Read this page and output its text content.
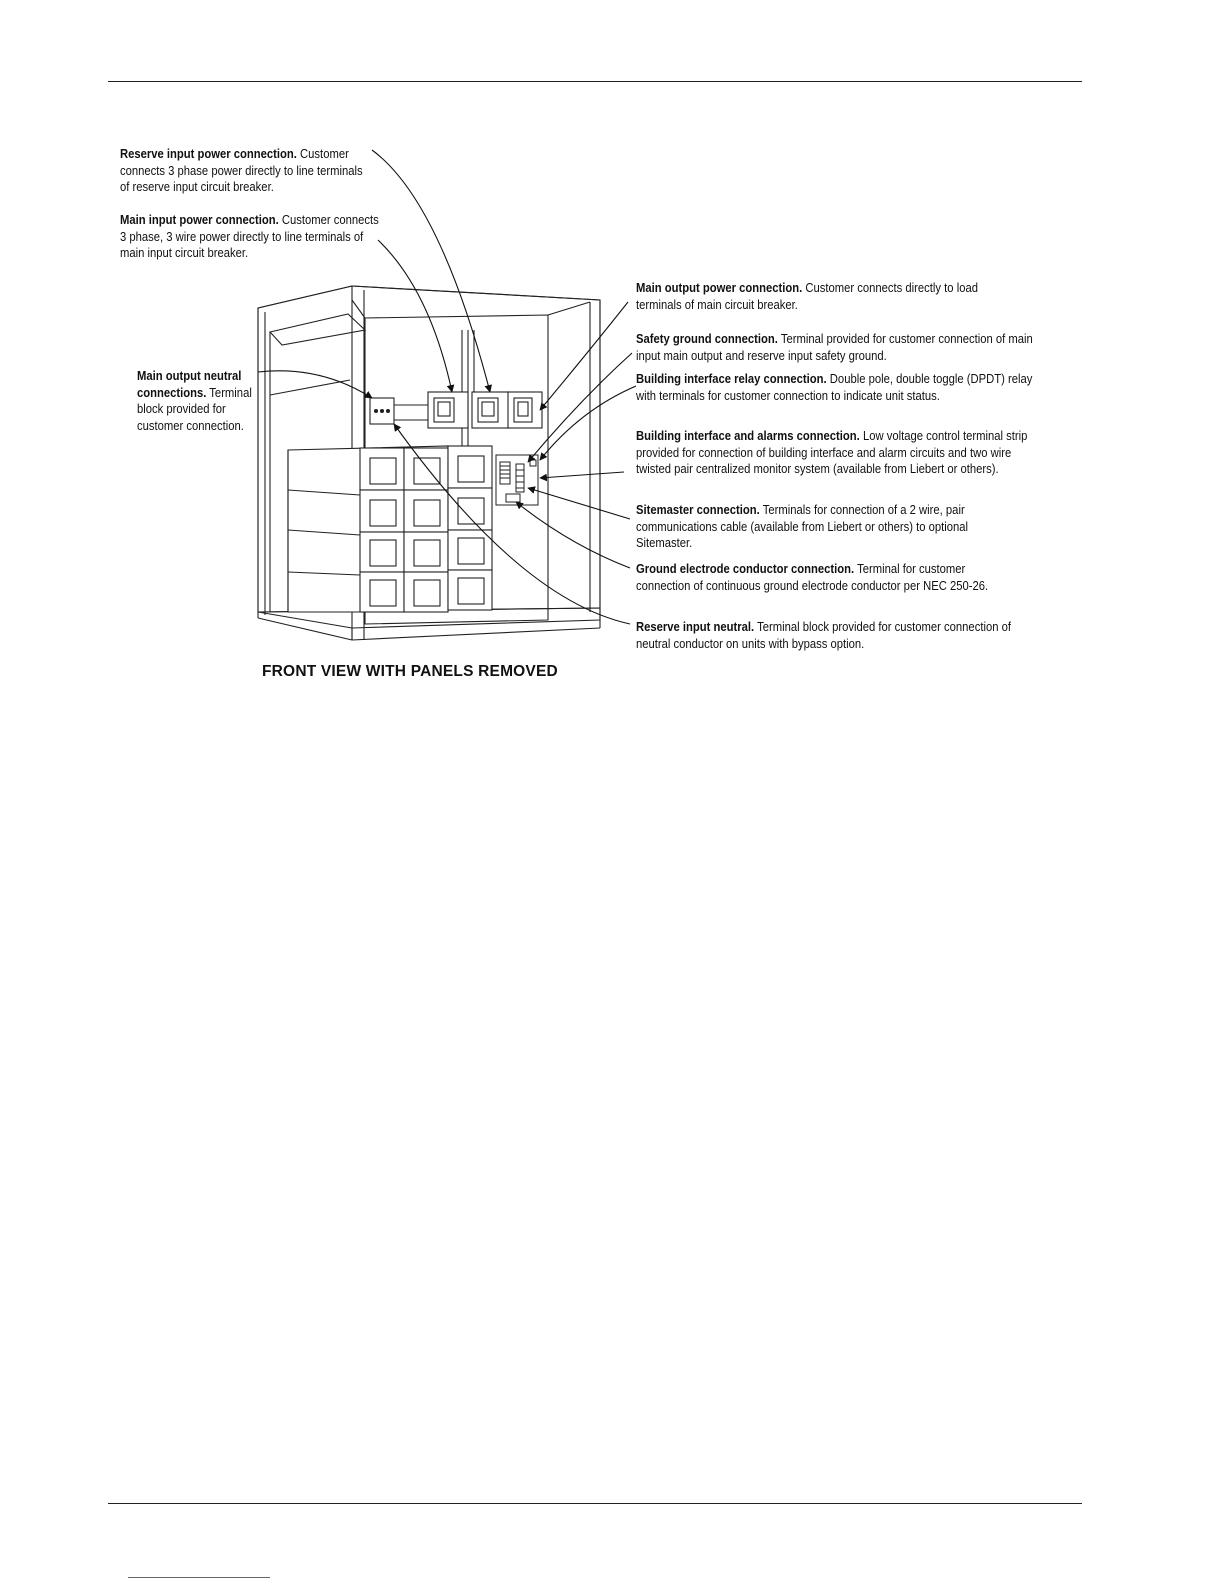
Reserve input power connection. Customer connects 3 phase power directly to line terminals of reserve input circuit breaker.
Main input power connection. Customer connects 3 phase, 3 wire power directly to line terminals of main input circuit breaker.
Main output neutral connections. Terminal block provided for customer connection.
Main output power connection. Customer connects directly to load terminals of main circuit breaker.
Safety ground connection. Terminal provided for customer connection of main input main output and reserve input safety ground.
Building interface relay connection. Double pole, double toggle (DPDT) relay with terminals for customer connection to indicate unit status.
Building interface and alarms connection. Low voltage control terminal strip provided for connection of building interface and alarm circuits and two wire twisted pair centralized monitor system (available from Liebert or others).
Sitemaster connection. Terminals for connection of a 2 wire, pair communications cable (available from Liebert or others) to optional Sitemaster.
Ground electrode conductor connection. Terminal for customer connection of continuous ground electrode conductor per NEC 250-26.
Reserve input neutral. Terminal block provided for customer connection of neutral conductor on units with bypass option.
FRONT VIEW WITH PANELS REMOVED
